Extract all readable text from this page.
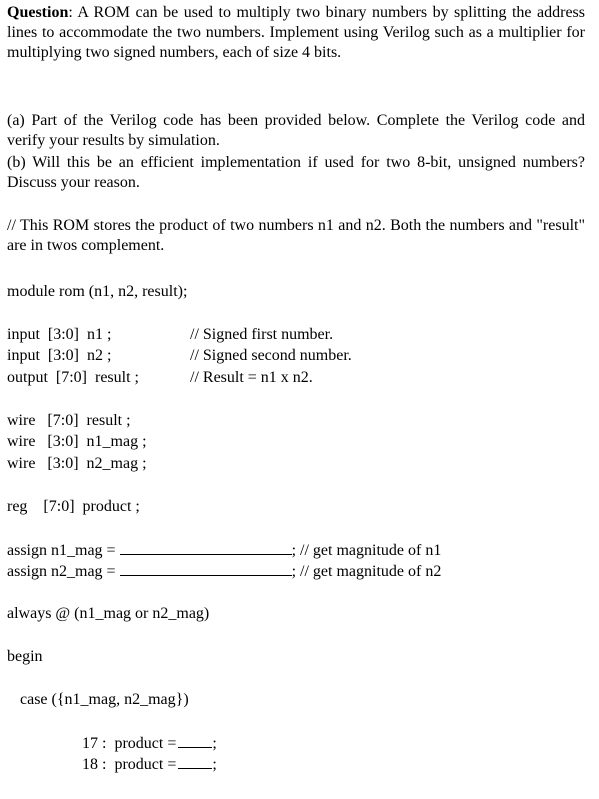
Question: A ROM can be used to multiply two binary numbers by splitting the address lines to accommodate the two numbers. Implement using Verilog such as a multiplier for multiplying two signed numbers, each of size 4 bits.
(a) Part of the Verilog code has been provided below. Complete the Verilog code and verify your results by simulation.
(b) Will this be an efficient implementation if used for two 8-bit, unsigned numbers? Discuss your reason.
// This ROM stores the product of two numbers n1 and n2. Both the numbers and "result" are in twos complement.
module rom (n1, n2, result);
input  [3:0]  n1 ;	// Signed first number.
input  [3:0]  n2 ;	// Signed second number.
output  [7:0]  result ;	// Result = n1 x n2.
wire   [7:0]  result ;
wire   [3:0]  n1_mag ;
wire   [3:0]  n2_mag ;
reg    [7:0]  product ;
assign n1_mag =	; // get magnitude of n1
assign n2_mag =	; // get magnitude of n2
always @ (n1_mag or n2_mag)
begin
case ({n1_mag, n2_mag})
17 :  product = ;
18 :  product = ;
